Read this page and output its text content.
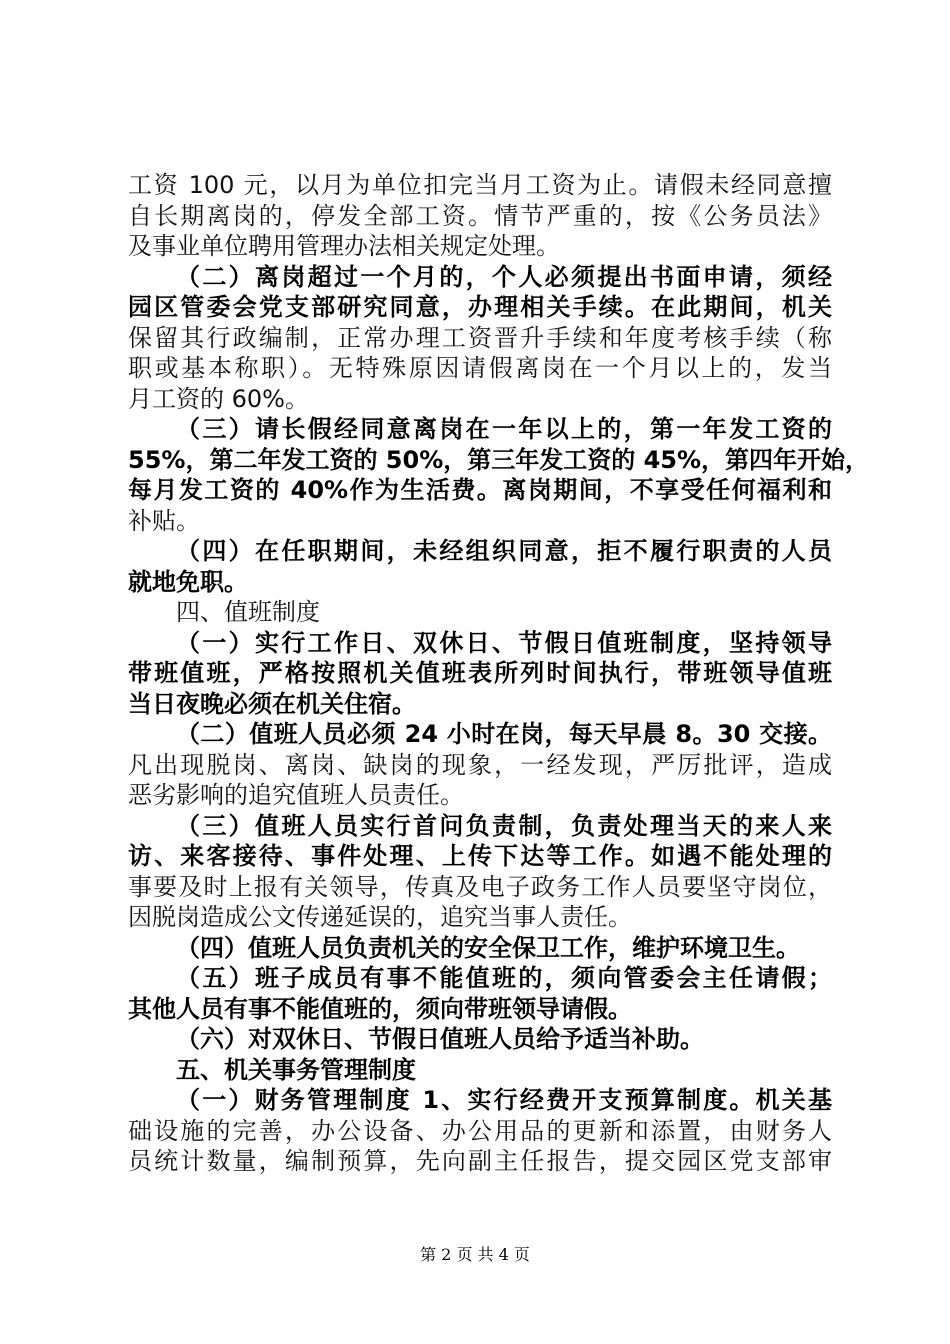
工资 100 元，以月为单位扣完当月工资为止。请假未经同意擅
自长期离岗的，停发全部工资。情节严重的，按《公务员法》
及事业单位聘用管理办法相关规定处理。
（二）离岗超过一个月的，个人必须提出书面申请，须经
园区管委会党支部研究同意，办理相关手续。在此期间，机关
保留其行政编制，正常办理工资晋升手续和年度考核手续（称
职或基本称职）。无特殊原因请假离岗在一个月以上的，发当
月工资的 60%。
（三）请长假经同意离岗在一年以上的，第一年发工资的
55%，第二年发工资的 50%，第三年发工资的 45%，第四年开始，
每月发工资的 40%作为生活费。离岗期间，不享受任何福利和
补贴。
（四）在任职期间，未经组织同意，拒不履行职责的人员
就地免职。
四、值班制度
（一）实行工作日、双休日、节假日值班制度，坚持领导
带班值班，严格按照机关值班表所列时间执行，带班领导值班
当日夜晚必须在机关住宿。
（二）值班人员必须 24 小时在岗，每天早晨 8。30 交接。
凡出现脱岗、离岗、缺岗的现象，一经发现，严厉批评，造成
恶劣影响的追究值班人员责任。
（三）值班人员实行首问负责制，负责处理当天的来人来
访、来客接待、事件处理、上传下达等工作。如遇不能处理的
事要及时上报有关领导，传真及电子政务工作人员要坚守岗位，
因脱岗造成公文传递延误的，追究当事人责任。
（四）值班人员负责机关的安全保卫工作，维护环境卫生。
（五）班子成员有事不能值班的，须向管委会主任请假；
其他人员有事不能值班的，须向带班领导请假。
（六）对双休日、节假日值班人员给予适当补助。
五、机关事务管理制度
（一）财务管理制度 1、实行经费开支预算制度。机关基
础设施的完善，办公设备、办公用品的更新和添置，由财务人
员统计数量，编制预算，先向副主任报告，提交园区党支部审
第 2 页 共 4 页
